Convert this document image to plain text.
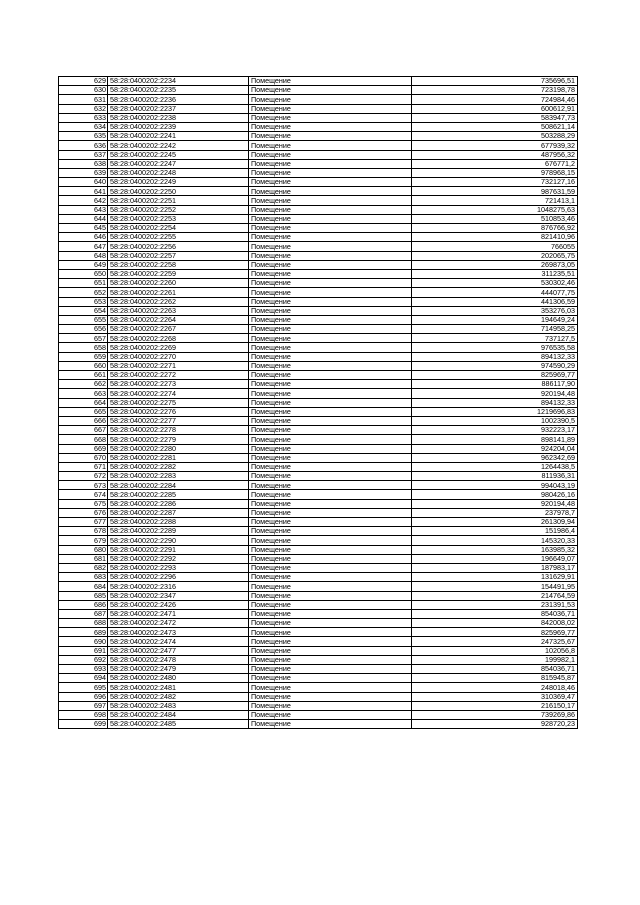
629	58:28:0400202:2234	Помещение	735696,51
630	58:28:0400202:2235	Помещение	723198,78
631	58:28:0400202:2236	Помещение	724984,46
632	58:28:0400202:2237	Помещение	600612,91
633	58:28:0400202:2238	Помещение	583947,73
634	58:28:0400202:2239	Помещение	508621,14
635	58:28:0400202:2241	Помещение	503288,29
636	58:28:0400202:2242	Помещение	677939,32
637	58:28:0400202:2245	Помещение	487956,32
638	58:28:0400202:2247	Помещение	676771,2
639	58:28:0400202:2248	Помещение	978968,15
640	58:28:0400202:2249	Помещение	732127,16
641	58:28:0400202:2250	Помещение	987631,59
642	58:28:0400202:2251	Помещение	721413,1
643	58:28:0400202:2252	Помещение	1048275,63
644	58:28:0400202:2253	Помещение	510853,46
645	58:28:0400202:2254	Помещение	876766,92
646	58:28:0400202:2255	Помещение	821410,96
647	58:28:0400202:2256	Помещение	766055
648	58:28:0400202:2257	Помещение	202065,75
649	58:28:0400202:2258	Помещение	269873,05
650	58:28:0400202:2259	Помещение	311235,51
651	58:28:0400202:2260	Помещение	530302,46
652	58:28:0400202:2261	Помещение	444077,75
653	58:28:0400202:2262	Помещение	441306,59
654	58:28:0400202:2263	Помещение	353276,03
655	58:28:0400202:2264	Помещение	194649,24
656	58:28:0400202:2267	Помещение	714958,25
657	58:28:0400202:2268	Помещение	737127,5
658	58:28:0400202:2269	Помещение	976535,58
659	58:28:0400202:2270	Помещение	894132,33
660	58:28:0400202:2271	Помещение	974590,29
661	58:28:0400202:2272	Помещение	825969,77
662	58:28:0400202:2273	Помещение	886117,90
663	58:28:0400202:2274	Помещение	920194,48
664	58:28:0400202:2275	Помещение	894132,33
665	58:28:0400202:2276	Помещение	1219696,83
666	58:28:0400202:2277	Помещение	1002390,5
667	58:28:0400202:2278	Помещение	932223,17
668	58:28:0400202:2279	Помещение	898141,89
669	58:28:0400202:2280	Помещение	924204,04
670	58:28:0400202:2281	Помещение	962342,69
671	58:28:0400202:2282	Помещение	1264438,5
672	58:28:0400202:2283	Помещение	811936,31
673	58:28:0400202:2284	Помещение	994043,19
674	58:28:0400202:2285	Помещение	980426,16
675	58:28:0400202:2286	Помещение	920194,48
676	58:28:0400202:2287	Помещение	237978,7
677	58:28:0400202:2288	Помещение	261309,94
678	58:28:0400202:2289	Помещение	151986,4
679	58:28:0400202:2290	Помещение	145320,33
680	58:28:0400202:2291	Помещение	163985,32
681	58:28:0400202:2292	Помещение	196649,07
682	58:28:0400202:2293	Помещение	187983,17
683	58:28:0400202:2296	Помещение	131629,91
684	58:28:0400202:2316	Помещение	154491,95
685	58:28:0400202:2347	Помещение	214764,59
686	58:28:0400202:2426	Помещение	231391,53
687	58:28:0400202:2471	Помещение	854036,71
688	58:28:0400202:2472	Помещение	842008,02
689	58:28:0400202:2473	Помещение	825969,77
690	58:28:0400202:2474	Помещение	247325,67
691	58:28:0400202:2477	Помещение	102056,8
692	58:28:0400202:2478	Помещение	199982,1
693	58:28:0400202:2479	Помещение	854036,71
694	58:28:0400202:2480	Помещение	815945,87
695	58:28:0400202:2481	Помещение	248018,46
696	58:28:0400202:2482	Помещение	310369,47
697	58:28:0400202:2483	Помещение	216150,17
698	58:28:0400202:2484	Помещение	739269,86
699	58:28:0400202:2485	Помещение	928720,23
